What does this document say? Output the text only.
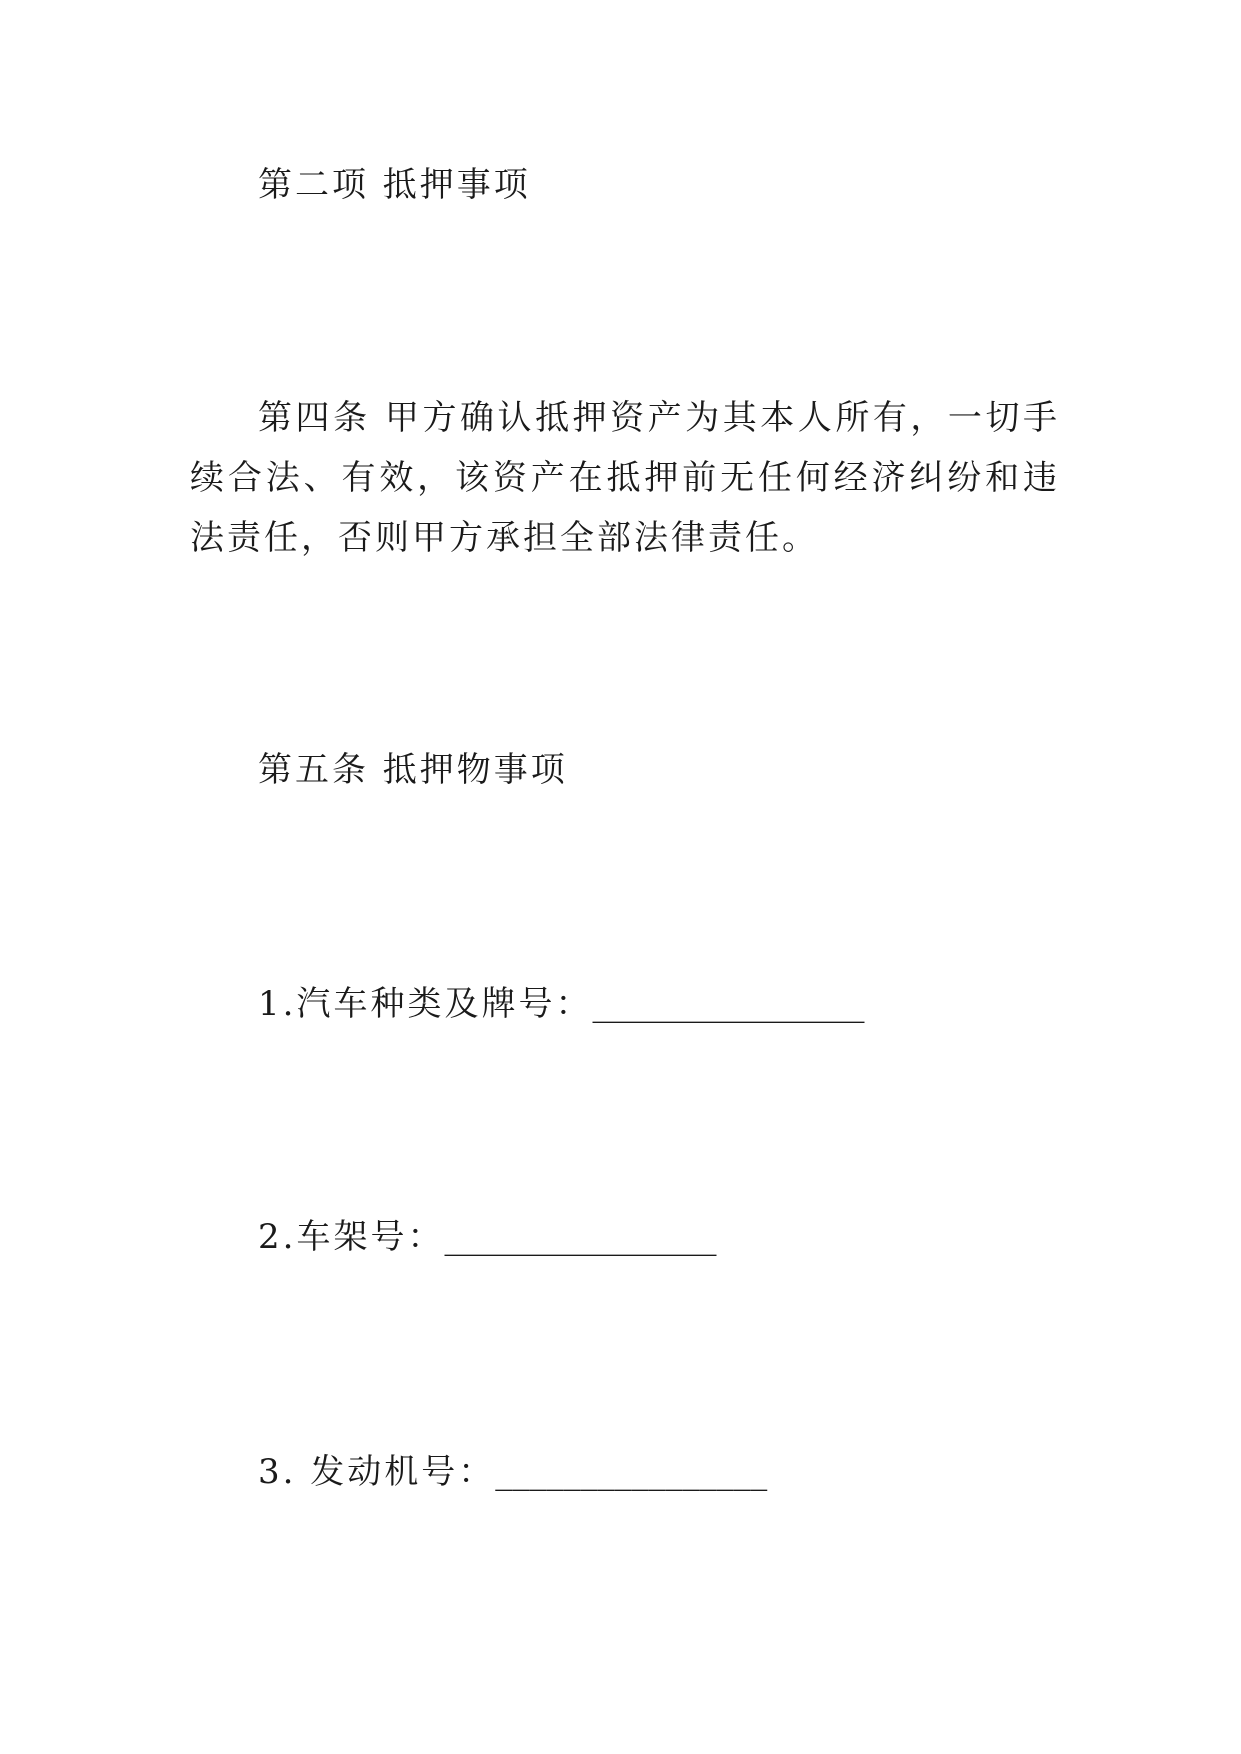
第二项 抵押事项
第四条 甲方确认抵押资产为其本人所有，一切手续合法、有效，该资产在抵押前无任何经济纠纷和违法责任，否则甲方承担全部法律责任。
第五条 抵押物事项
1.汽车种类及牌号：________________
2.车架号：________________
3. 发动机号：________________
